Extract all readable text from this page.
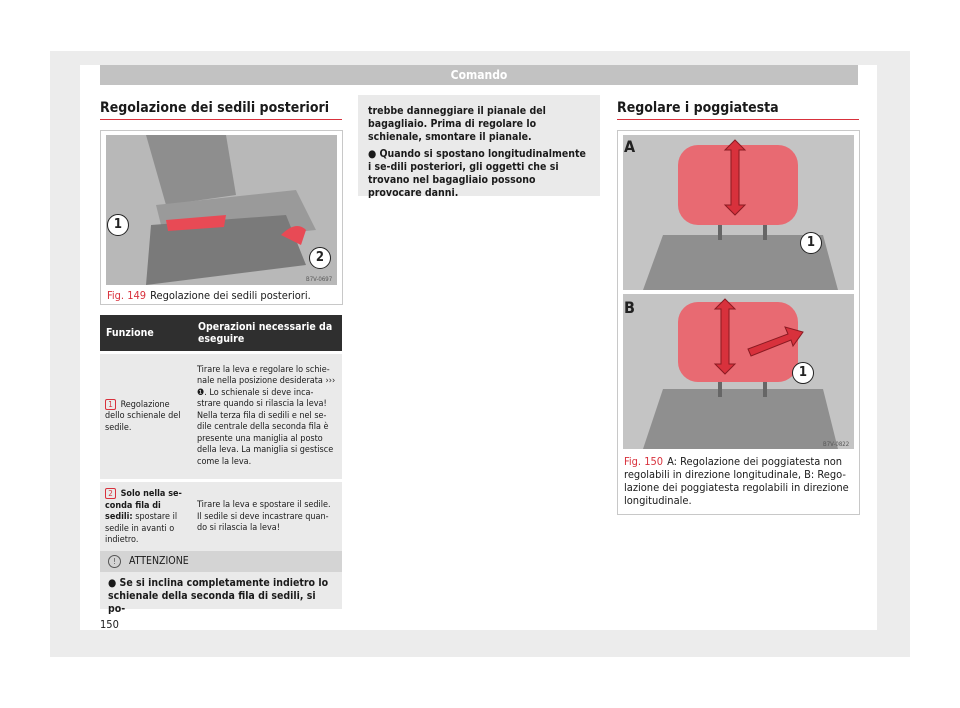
Comando
Regolazione dei sedili posteriori
1
2
B7V-0697
Fig. 149 Regolazione dei sedili posteriori.
Funzione	Operazioni necessarie da eseguire
1 Regolazione dello schienale del sedile.	Tirare la leva e regolare lo schie-nale nella posizione desiderata ››› ❶. Lo schienale si deve inca-strare quando si rilascia la leva! Nella terza fila di sedili e nel se-dile centrale della seconda fila è presente una maniglia al posto della leva. La maniglia si gestisce come la leva.
2 Solo nella se-conda fila di sedili: spostare il sedile in avanti o indietro.	Tirare la leva e spostare il sedile. Il sedile si deve incastrare quan-do si rilascia la leva!
! ATTENZIONE
● Se si inclina completamente indietro lo schienale della seconda fila di sedili, si po-

trebbe danneggiare il pianale del bagagliaio. Prima di regolare lo schienale, smontare il pianale.

● Quando si spostano longitudinalmente i se-dili posteriori, gli oggetti che si trovano nel bagagliaio possono provocare danni.

Regolare i poggiatesta
A
1
B
1
B7V-0822
Fig. 150 A: Regolazione dei poggiatesta non regolabili in direzione longitudinale, B: Rego-lazione dei poggiatesta regolabili in direzione longitudinale.
150
